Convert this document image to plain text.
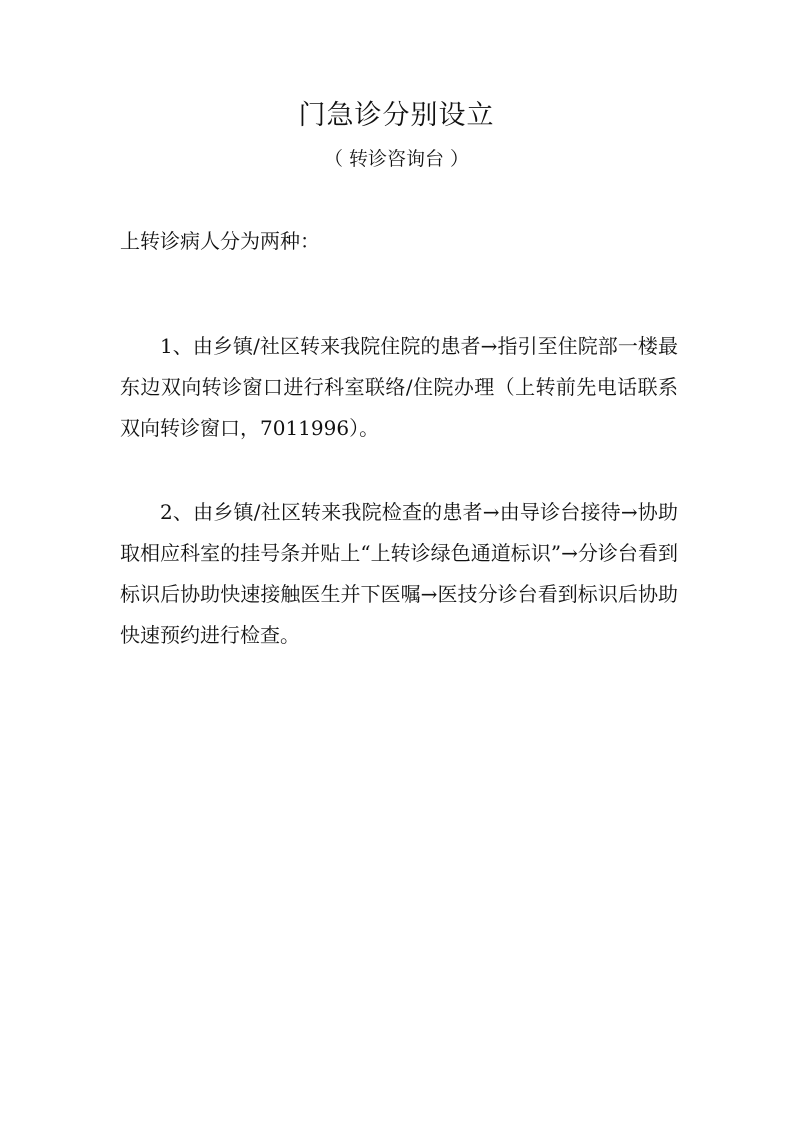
门急诊分别设立
（ 转诊咨询台 ）
上转诊病人分为两种：

1、由乡镇/社区转来我院住院的患者→指引至住院部一楼最东边双向转诊窗口进行科室联络/住院办理（上转前先电话联系双向转诊窗口，7011996）。

2、由乡镇/社区转来我院检查的患者→由导诊台接待→协助取相应科室的挂号条并贴上“上转诊绿色通道标识”→分诊台看到标识后协助快速接触医生并下医嘱→医技分诊台看到标识后协助快速预约进行检查。
